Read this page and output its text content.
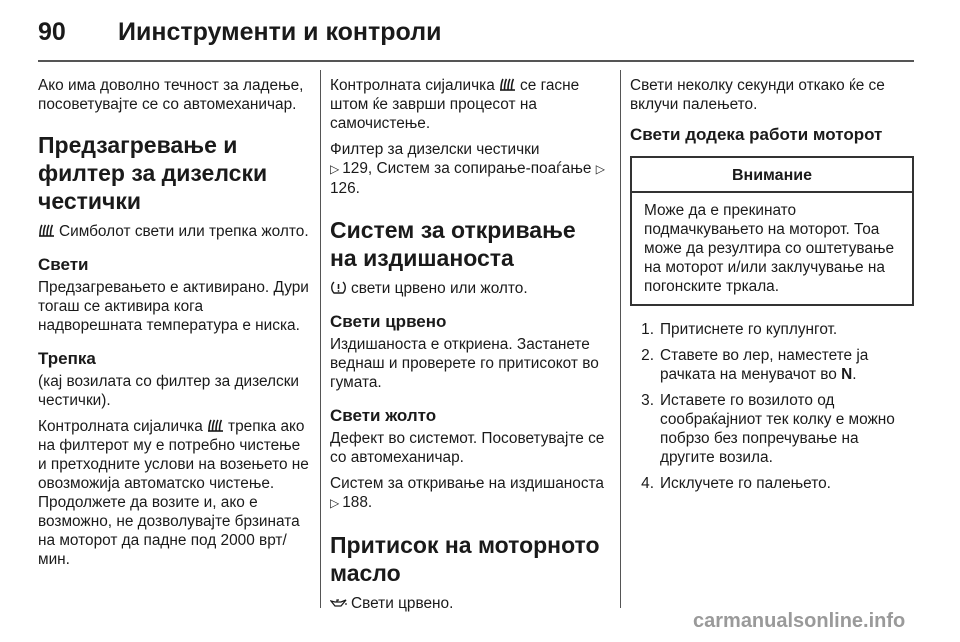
90 Иинструменти и контроли

Ако има доволно течност за ладење, посоветувајте се со автомеханичар.

Предзагревање и филтер за дизелски честички

Симболот свети или трепка жолто.

Свети

Предзагревањето е активирано. Дури тогаш се активира кога надворешната температура е ниска.

Трепка

(кај возилата со филтер за дизелски честички).

Контролната сијаличка трепка ако на филтерот му е потребно чистење и претходните услови на возењето не овозможија автоматско чистење. Продолжете да возите и, ако е возможно, не дозволувајте брзината на моторот да падне под 2000 врт/мин.

Контролната сијаличка се гасне штом ќе заврши процесот на самочистење.

Филтер за дизелски честички
▷ 129, Систем за сопирање-поаѓање ▷126.

Систем за откривање на издишаноста

свети црвено или жолто.

Свети црвено

Издишаноста е откриена. Застанете веднаш и проверете го притисокот во гумата.

Свети жолто

Дефект во системот. Посоветувајте се со автомеханичар.

Систем за откривање на издишаноста ▷ 188.

Притисок на моторното масло

Свети црвено.

Свети неколку секунди откако ќе се вклучи палењето.

Свети додека работи моторот
Внимание
Може да е прекинато подмачкувањето на моторот. Тоа може да резултира со оштетување на моторот и/или заклучување на погонските тркала.
1. Притиснете го куплунгот.
2. Ставете во лер, наместете ја рачката на менувачот во N.
3. Иставете го возилото од сообраќајниот тек колку е можно побрзо без попречување на другите возила.
4. Исклучете го палењето.
carmanualsonline.info
